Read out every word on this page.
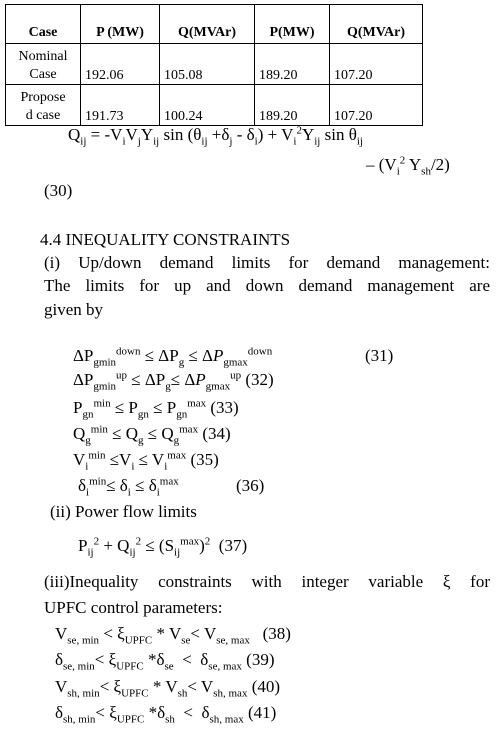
Case	P (MW)	Q(MVAr)	P(MW)	Q(MVAr)
Nominal
Case	192.06	105.08	189.20	107.20
Propose
d case	191.73	100.24	189.20	107.20
$Q_{ij} = -V_iV_jY_{ij}$ $\sin (\theta_{ij} +\delta_j - \delta_i) + V_i^2Y_{ij}$ $\sin \theta_{ij}$
– ($V_i^2$ $Y_{sh}/2$)
(30)
4.4 INEQUALITY CONSTRAINTS
(i) Up/down demand limits for demand management:
The limits for up and down demand management are
given by
$\Delta P_{gmin}^{down} \le \Delta P_g \le \Delta P_{gmax}^{down}$	(31)
$\Delta P_{gmin}^{up} \le \Delta P_g\le \Delta P_{gmax}^{up}$ (32)
$P_{gn}^{min} \le P_{gn} \le P_{gn}^{max}$ (33)
$Q_g^{min} \le Q_g \le Q_g^{max}$ (34)
$V_i^{min} \le V_i \le V_i^{max}$ (35)
$\delta_i^{min}\le \delta_i \le \delta_i^{max}$	(36)
(ii) Power flow limits
$P_{ij}^2 + Q_{ij}^2 \le (S_{ij}^{max})^2$ (37)
(iii)Inequality constraints with integer variable ξ for
UPFC control parameters:
$V_{se, min} < \xi_{UPFC} * V_{se}< V_{se, max}$ (38)
$\delta_{se, min}< \xi_{UPFC}$ $*\delta_{se} < \delta_{se, max}$ (39)
$V_{sh, min}< \xi_{UPFC} * V_{sh}< V_{sh, max}$ (40)
$\delta_{sh, min}< \xi_{UPFC}$ $*\delta_{sh} < \delta_{sh, max}$ (41)
